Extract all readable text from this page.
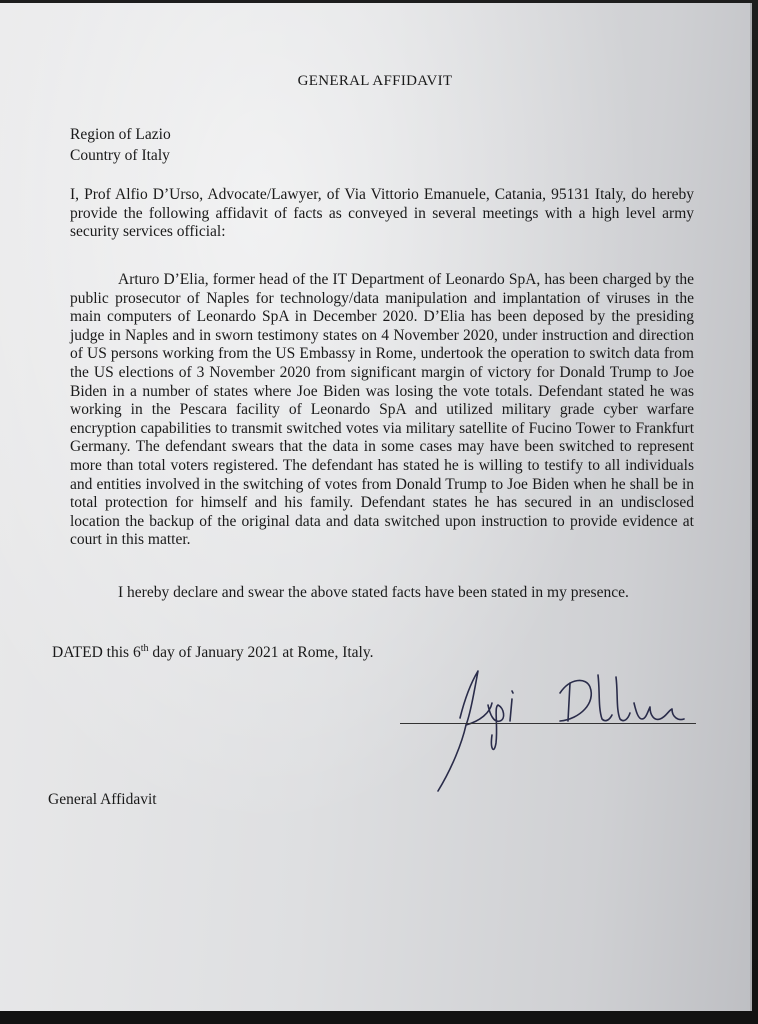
GENERAL AFFIDAVIT
Region of Lazio
Country of Italy

I, Prof Alfio D’Urso, Advocate/Lawyer, of Via Vittorio Emanuele, Catania, 95131 Italy, do hereby provide the following affidavit of facts as conveyed in several meetings with a high level army security services official:

Arturo D’Elia, former head of the IT Department of Leonardo SpA, has been charged by the public prosecutor of Naples for technology/data manipulation and implantation of viruses in the main computers of Leonardo SpA in December 2020. D’Elia has been deposed by the presiding judge in Naples and in sworn testimony states on 4 November 2020, under instruction and direction of US persons working from the US Embassy in Rome, undertook the operation to switch data from the US elections of 3 November 2020 from significant margin of victory for Donald Trump to Joe Biden in a number of states where Joe Biden was losing the vote totals. Defendant stated he was working in the Pescara facility of Leonardo SpA and utilized military grade cyber warfare encryption capabilities to transmit switched votes via military satellite of Fucino Tower to Frankfurt Germany. The defendant swears that the data in some cases may have been switched to represent more than total voters registered. The defendant has stated he is willing to testify to all individuals and entities involved in the switching of votes from Donald Trump to Joe Biden when he shall be in total protection for himself and his family. Defendant states he has secured in an undisclosed location the backup of the original data and data switched upon instruction to provide evidence at court in this matter.

I hereby declare and swear the above stated facts have been stated in my presence.

DATED this 6th day of January 2021 at Rome, Italy.
General Affidavit
